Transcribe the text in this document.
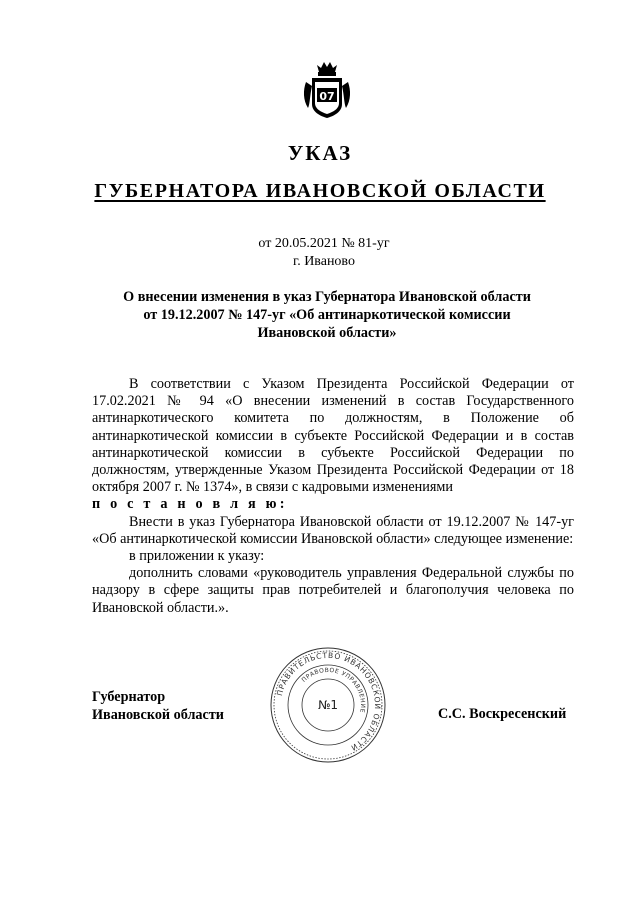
07
УКАЗ
ГУБЕРНАТОРА ИВАНОВСКОЙ ОБЛАСТИ
от 20.05.2021 № 81-уг
г. Иваново
О внесении изменения в указ Губернатора Ивановской области
от 19.12.2007 № 147-уг «Об антинаркотической комиссии
Ивановской области»

В соответствии с Указом Президента Российской Федерации от 17.02.2021 № 94 «О внесении изменений в состав Государственного антинаркотического комитета по должностям, в Положение об антинаркотической комиссии в субъекте Российской Федерации и в состав антинаркотической комиссии в субъекте Российской Федерации по должностям, утвержденные Указом Президента Российской Федерации от 18 октября 2007 г. № 1374», в связи с кадровыми изменениями

п о с т а н о в л я ю:

Внести в указ Губернатора Ивановской области от 19.12.2007 № 147-уг «Об антинаркотической комиссии Ивановской области» следующее изменение:

в приложении к указу:

дополнить словами «руководитель управления Федеральной службы по надзору в сфере защиты прав потребителей и благополучия человека по Ивановской области.».

Губернатор
Ивановской области
ПРАВИТЕЛЬСТВО ИВАНОВСКОЙ ОБЛАСТИ
ПРАВОВОЕ УПРАВЛЕНИЕ
№1
С.С. Воскресенский
